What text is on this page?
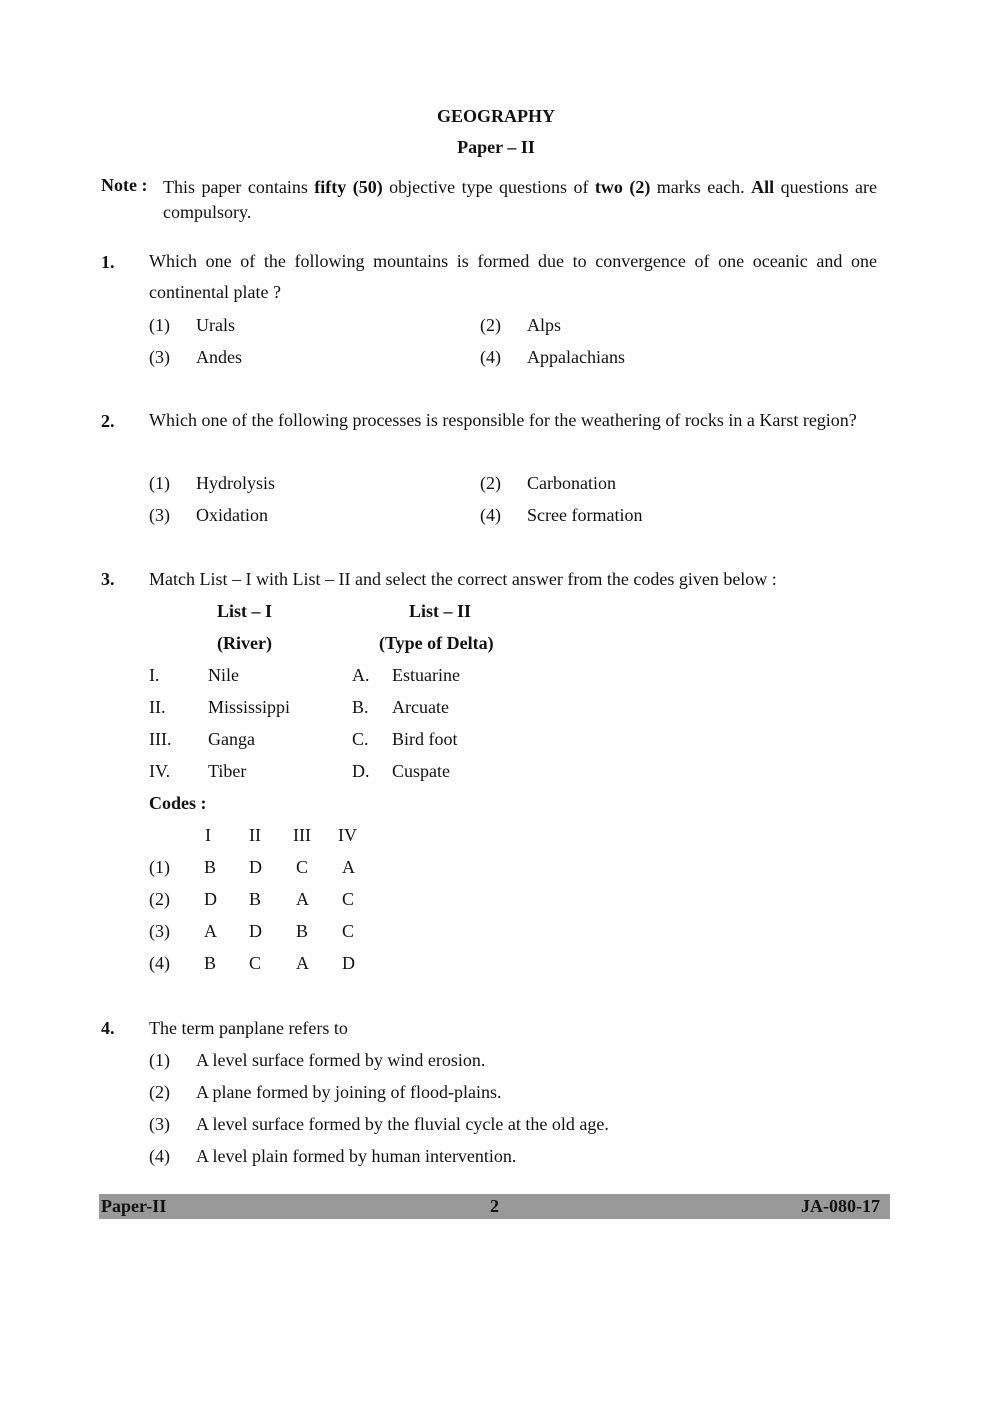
GEOGRAPHY
Paper – II
Note : This paper contains fifty (50) objective type questions of two (2) marks each. All questions are compulsory.
1. Which one of the following mountains is formed due to convergence of one oceanic and one continental plate ?
(1) Urals	(2) Alps
(3) Andes	(4) Appalachians
2. Which one of the following processes is responsible for the weathering of rocks in a Karst region?
(1) Hydrolysis	(2) Carbonation
(3) Oxidation	(4) Scree formation
3. Match List – I with List – II and select the correct answer from the codes given below :
List – I
(River)
List – II
(Type of Delta)
I.	Nile	A. Estuarine
II. Mississippi	B. Arcuate
III. Ganga	C. Bird foot
IV. Tiber	D. Cuspate
Codes :
I II III IV
(1) B D C A
(2) D B A C
(3) A D B C
(4) B C A D
4. The term panplane refers to
(1) A level surface formed by wind erosion.
(2) A plane formed by joining of flood-plains.
(3) A level surface formed by the fluvial cycle at the old age.
(4) A level plain formed by human intervention.
Paper-II	2	JA-080-17
